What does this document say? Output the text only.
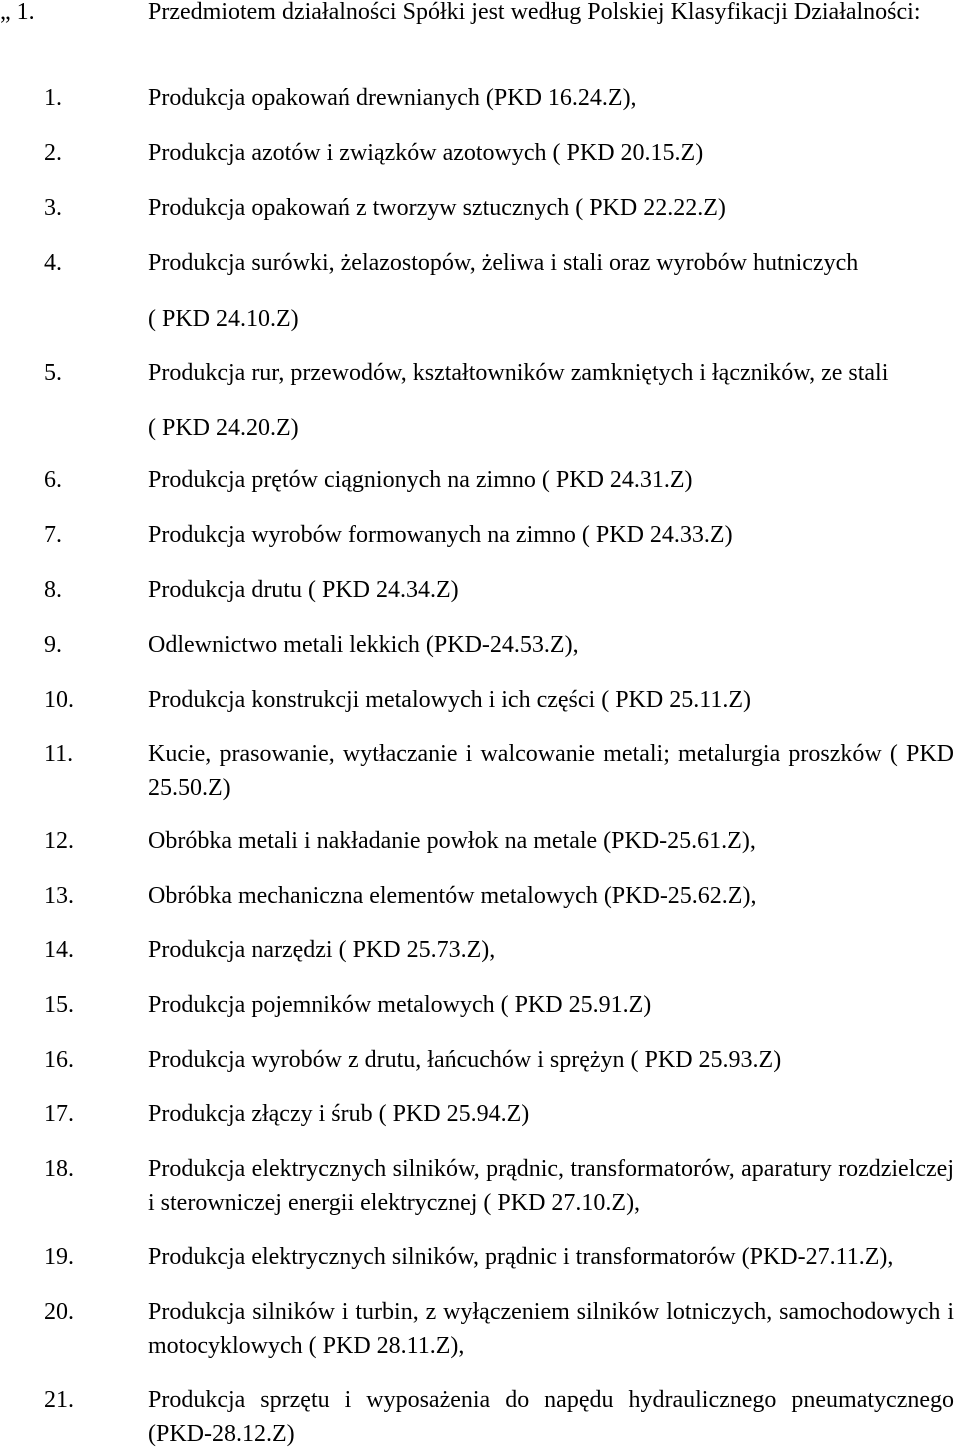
„ 1.	Przedmiotem działalności Spółki jest według Polskiej Klasyfikacji Działalności:
1.	Produkcja opakowań drewnianych (PKD 16.24.Z),
2.	Produkcja azotów i związków azotowych ( PKD 20.15.Z)
3.	Produkcja opakowań z tworzyw sztucznych ( PKD 22.22.Z)
4.	Produkcja surówki, żelazostopów, żeliwa i stali oraz wyrobów hutniczych
( PKD 24.10.Z)
5.	Produkcja rur, przewodów, kształtowników zamkniętych i łączników, ze stali
( PKD 24.20.Z)
6.	Produkcja prętów ciągnionych na zimno ( PKD 24.31.Z)
7.	Produkcja wyrobów formowanych na zimno ( PKD 24.33.Z)
8.	Produkcja drutu ( PKD 24.34.Z)
9.	Odlewnictwo metali lekkich (PKD-24.53.Z),
10.	Produkcja konstrukcji metalowych i ich części ( PKD 25.11.Z)
11.	Kucie, prasowanie, wytłaczanie i walcowanie metali; metalurgia proszków ( PKD 25.50.Z)
12.	Obróbka metali i nakładanie powłok na metale (PKD-25.61.Z),
13.	Obróbka mechaniczna elementów metalowych (PKD-25.62.Z),
14.	Produkcja narzędzi ( PKD 25.73.Z),
15.	Produkcja pojemników metalowych ( PKD 25.91.Z)
16.	Produkcja wyrobów z drutu, łańcuchów i sprężyn ( PKD 25.93.Z)
17.	Produkcja złączy i śrub ( PKD 25.94.Z)
18.	Produkcja elektrycznych silników, prądnic, transformatorów, aparatury rozdzielczej i sterowniczej energii elektrycznej ( PKD 27.10.Z),
19.	Produkcja elektrycznych silników, prądnic i transformatorów (PKD-27.11.Z),
20.	Produkcja silników i turbin, z wyłączeniem silników lotniczych, samochodowych i motocyklowych ( PKD 28.11.Z),
21.	Produkcja sprzętu i wyposażenia do napędu hydraulicznego pneumatycznego (PKD-28.12.Z)
